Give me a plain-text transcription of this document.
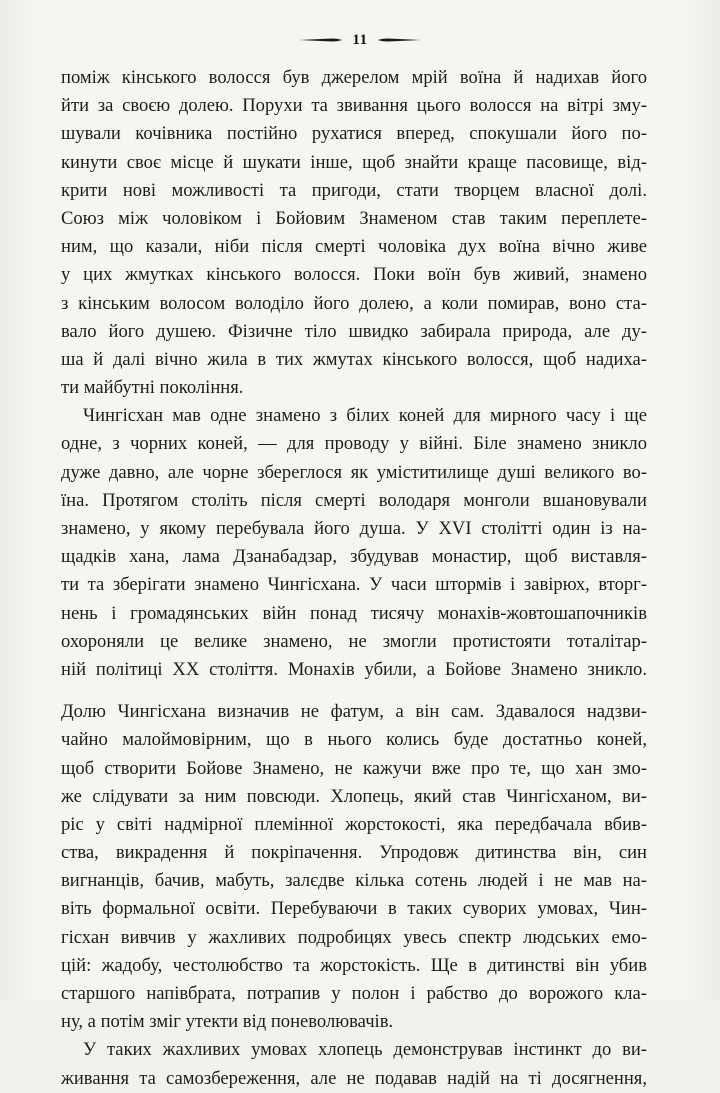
11
поміж кінського волосся був джерелом мрій воїна й надихав його
йти за своєю долею. Порухи та звивання цього волосся на вітрі зму-
шували кочівника постійно рухатися вперед, спокушали його по-
кинути своє місце й шукати інше, щоб знайти краще пасовище, від-
крити нові можливості та пригоди, стати творцем власної долі.
Союз між чоловіком і Бойовим Знаменом став таким переплете-
ним, що казали, ніби після смерті чоловіка дух воїна вічно живе
у цих жмутках кінського волосся. Поки воїн був живий, знамено
з кінським волосом володіло його долею, а коли помирав, воно ста-
вало його душею. Фізичне тіло швидко забирала природа, але ду-
ша й далі вічно жила в тих жмутах кінського волосся, щоб надиха-
ти майбутні покоління.
Чингісхан мав одне знамено з білих коней для мирного часу і ще
одне, з чорних коней, — для проводу у війні. Біле знамено зникло
дуже давно, але чорне збереглося як уміститилище душі великого во-
їна. Протягом століть після смерті володаря монголи вшановували
знамено, у якому перебувала його душа. У XVI столітті один із на-
щадків хана, лама Дзанабадзар, збудував монастир, щоб виставля-
ти та зберігати знамено Чингісхана. У часи штормів і завірюх, вторг-
нень і громадянських війн понад тисячу монахів-жовтошапочників
охороняли це велике знамено, не змогли протистояти тоталітар-
ній політиці XX століття. Монахів убили, а Бойове Знамено зникло.
Долю Чингісхана визначив не фатум, а він сам. Здавалося надзви-
чайно малоймовірним, що в нього колись буде достатньо коней,
щоб створити Бойове Знамено, не кажучи вже про те, що хан змо-
же слідувати за ним повсюди. Хлопець, який став Чингісханом, ви-
ріс у світі надмірної племінної жорстокості, яка передбачала вбив-
ства, викрадення й покріпачення. Упродовж дитинства він, син
вигнанців, бачив, мабуть, залєдве кілька сотень людей і не мав на-
віть формальної освіти. Перебуваючи в таких суворих умовах, Чин-
гісхан вивчив у жахливих подробицях увесь спектр людських емо-
цій: жадобу, честолюбство та жорстокість. Ще в дитинстві він убив
старшого напівбрата, потрапив у полон і рабство до ворожого кла-
ну, а потім зміг утекти від поневолювачів.
У таких жахливих умовах хлопець демонстрував інстинкт до ви-
живання та самозбереження, але не подавав надій на ті досягнення,
